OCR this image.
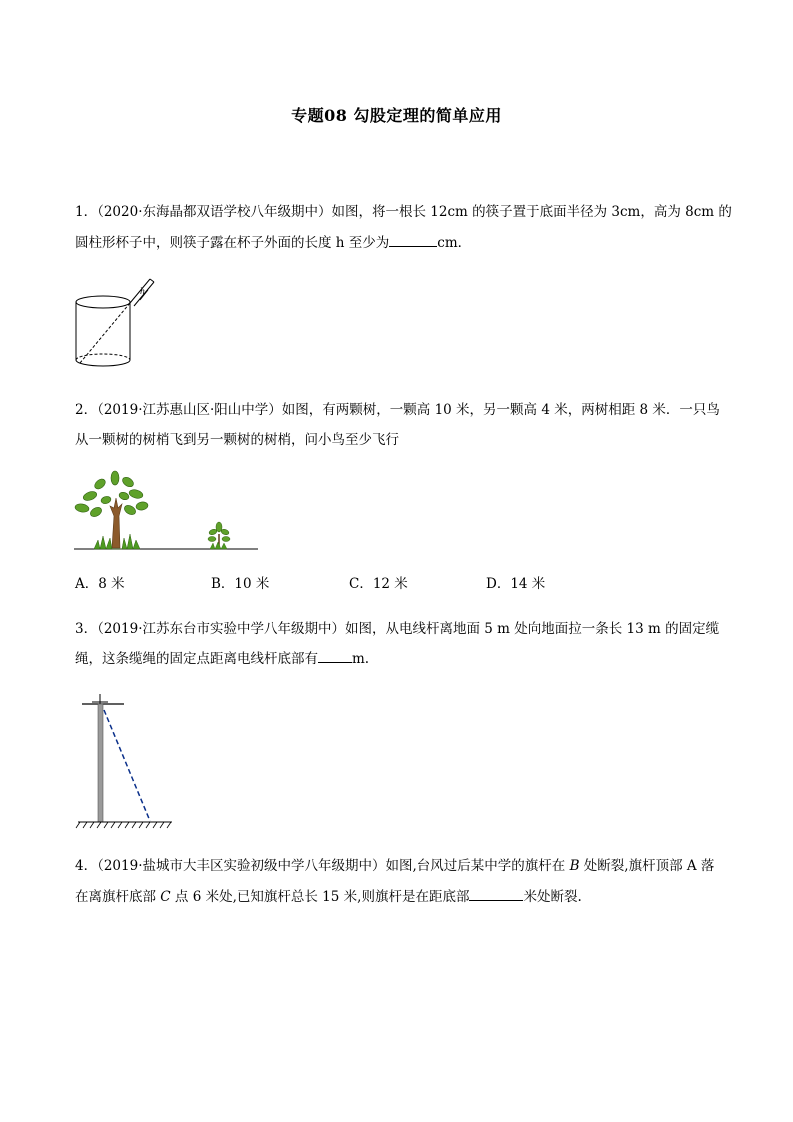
专题08 勾股定理的简单应用
1．（2020·东海晶都双语学校八年级期中）如图，将一根长 12cm 的筷子置于底面半径为 3cm，高为 8cm 的
圆柱形杯子中，则筷子露在杯子外面的长度 h 至少为	cm．
h
2．（2019·江苏惠山区·阳山中学）如图，有两颗树，一颗高 10 米，另一颗高 4 米，两树相距 8 米．一只鸟
从一颗树的树梢飞到另一颗树的树梢，问小鸟至少飞行
A．8 米	B．10 米	C．12 米	D．14 米
3．（2019·江苏东台市实验中学八年级期中）如图，从电线杆离地面 5 m 处向地面拉一条长 13 m 的固定缆
绳，这条缆绳的固定点距离电线杆底部有	m.
4．（2019·盐城市大丰区实验初级中学八年级期中）如图,台风过后某中学的旗杆在 B 处断裂,旗杆顶部 A 落
在离旗杆底部 C 点 6 米处,已知旗杆总长 15 米,则旗杆是在距底部	米处断裂.
